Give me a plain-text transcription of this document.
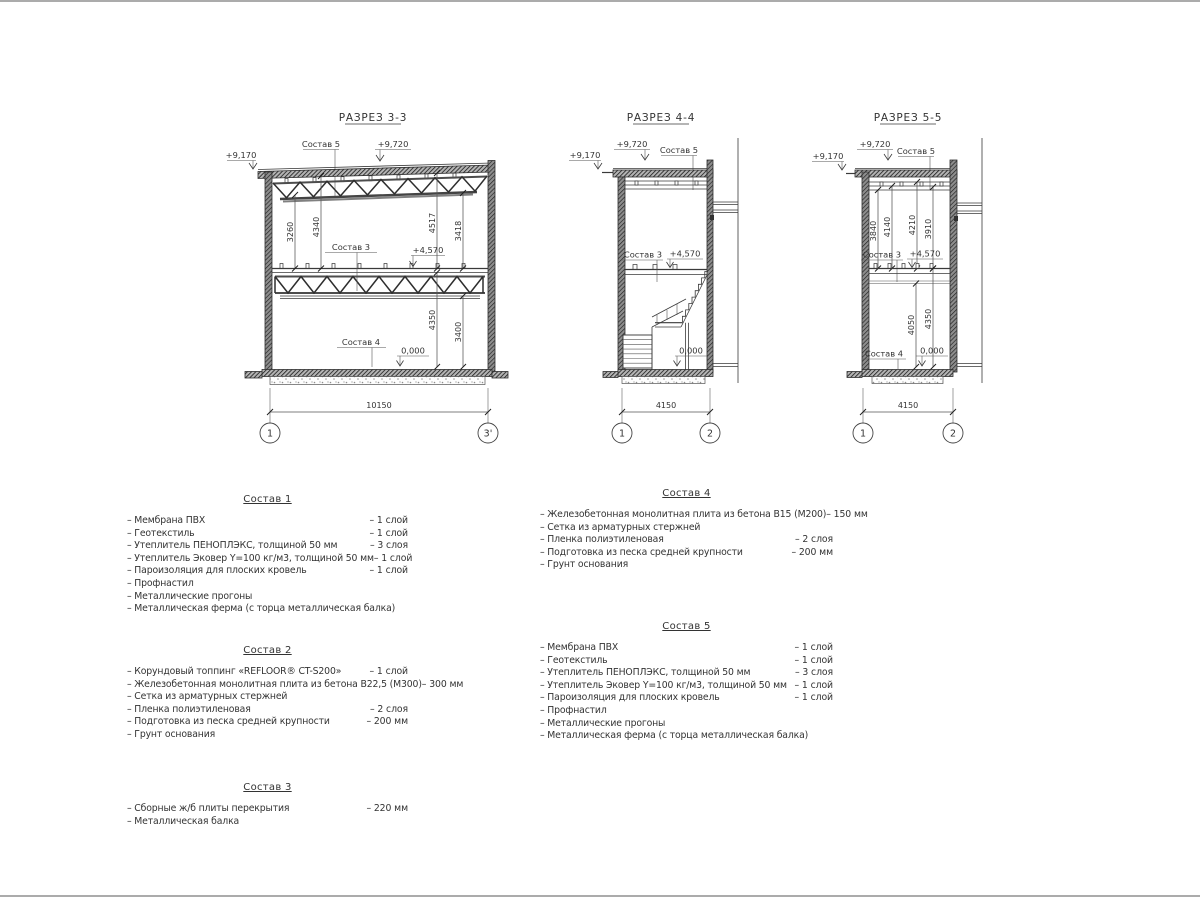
РАЗРЕЗ 3-3
Состав 5	+9,720
+9,170
Состав 3	+4,570
3260 4340	4517 3418
4350
3400
Состав 4
0,000
10150
1	3'
РАЗРЕЗ 4-4
+9,720
+9,170	Состав 5
Состав 3 +4,570
0,000
4150
1	2
РАЗРЕЗ 5-5
+9,720
+9,170	Состав 5
3840 4140 4210 3910
Состав 3 +4,570
4050 4350
Состав 4 0,000
4150
1	2
Состав 1
– Мембрана ПВХ	– 1 слой
– Геотекстиль	– 1 слой
– Утеплитель ПЕНОПЛЭКС, толщиной 50 мм	– 3 слоя
– Утеплитель Эковер Y=100 кг/м3, толщиной 50 мм – 1 слой
– Пароизоляция для плоских кровель	– 1 слой
– Профнастил
– Металлические прогоны
– Металлическая ферма (с торца металлическая балка)
Состав 2
– Корундовый топпинг «REFLOOR® CT-S200»	– 1 слой
– Железобетонная монолитная плита из бетона В22,5 (М300) – 300 мм
– Сетка из арматурных стержней
– Пленка полиэтиленовая	– 2 слоя
– Подготовка из песка средней крупности	– 200 мм
– Грунт основания
Состав 3
– Сборные ж/б плиты перекрытия	– 220 мм
– Металлическая балка
Состав 4
– Железобетонная монолитная плита из бетона В15 (М200) – 150 мм
– Сетка из арматурных стержней
– Пленка полиэтиленовая	– 2 слоя
– Подготовка из песка средней крупности	– 200 мм
– Грунт основания
Состав 5
– Мембрана ПВХ	– 1 слой
– Геотекстиль	– 1 слой
– Утеплитель ПЕНОПЛЭКС, толщиной 50 мм	– 3 слоя
– Утеплитель Эковер Y=100 кг/м3, толщиной 50 мм – 1 слой
– Пароизоляция для плоских кровель	– 1 слой
– Профнастил
– Металлические прогоны
– Металлическая ферма (с торца металлическая балка)
